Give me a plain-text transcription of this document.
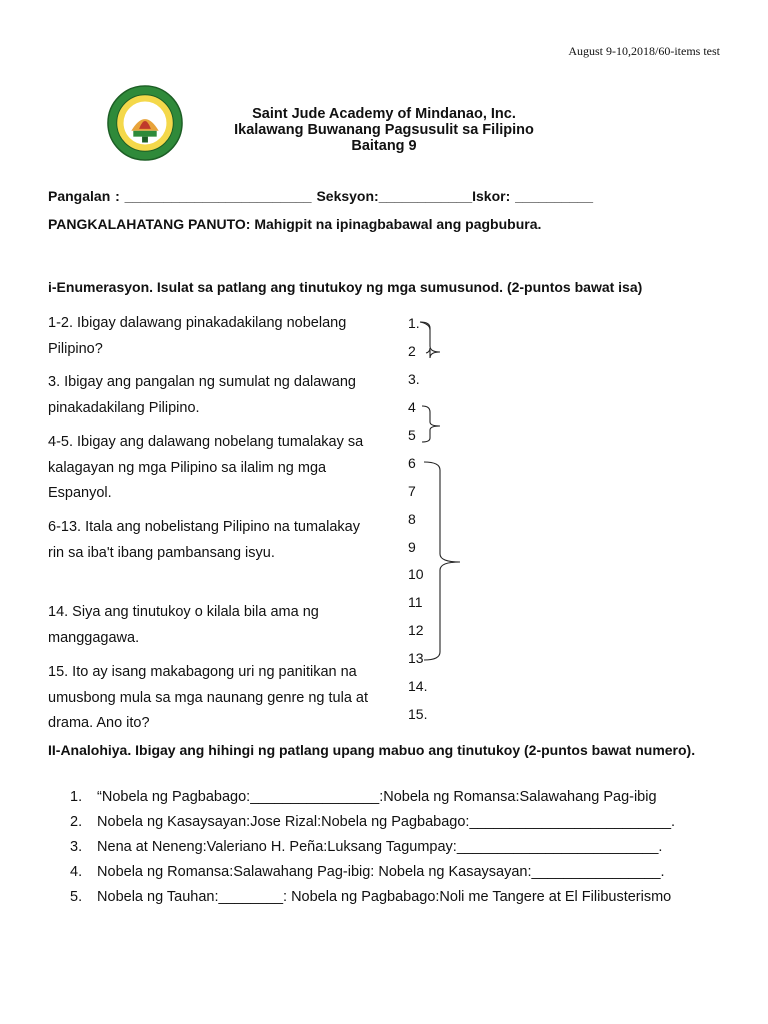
August 9-10,2018/60-items test
Saint Jude Academy of Mindanao, Inc.
Ikalawang Buwanang Pagsusulit sa Filipino
Baitang 9
Pangalan : ________________________ Seksyon:____________Iskor: __________
PANGKALAHATANG PANUTO: Mahigpit na ipinagbabawal ang pagbubura.
i-Enumerasyon. Isulat sa patlang ang tinutukoy ng mga sumusunod. (2-puntos bawat isa)
1-2. Ibigay dalawang pinakadakilang nobelang Pilipino?
3. Ibigay ang pangalan ng sumulat ng dalawang pinakadakilang Pilipino.
4-5. Ibigay ang dalawang nobelang tumalakay sa kalagayan ng mga Pilipino sa ilalim ng mga Espanyol.
6-13. Itala ang nobelistang Pilipino na tumalakay rin sa iba't ibang pambansang isyu.
14. Siya ang tinutukoy o kilala bila ama ng manggagawa.
15. Ito ay isang makabagong uri ng panitikan na umusbong mula sa mga naunang genre ng tula at drama. Ano ito?
1.
2
3.
4
5
6
7
8
9
10
11
12
13
14.
15.
II-Analohiya. Ibigay ang hihingi ng patlang upang mabuo ang tinutukoy (2-puntos bawat numero).
1. “Nobela ng Pagbabago:________________:Nobela ng Romansa:Salawahang Pag-ibig
2. Nobela ng Kasaysayan:Jose Rizal:Nobela ng Pagbabago:_________________________.
3. Nena at Neneng:Valeriano H. Peña:Luksang Tagumpay:_________________________.
4. Nobela ng Romansa:Salawahang Pag-ibig: Nobela ng Kasaysayan:________________.
5. Nobela ng Tauhan:________: Nobela ng Pagbabago:Noli me Tangere at El Filibusterismo
